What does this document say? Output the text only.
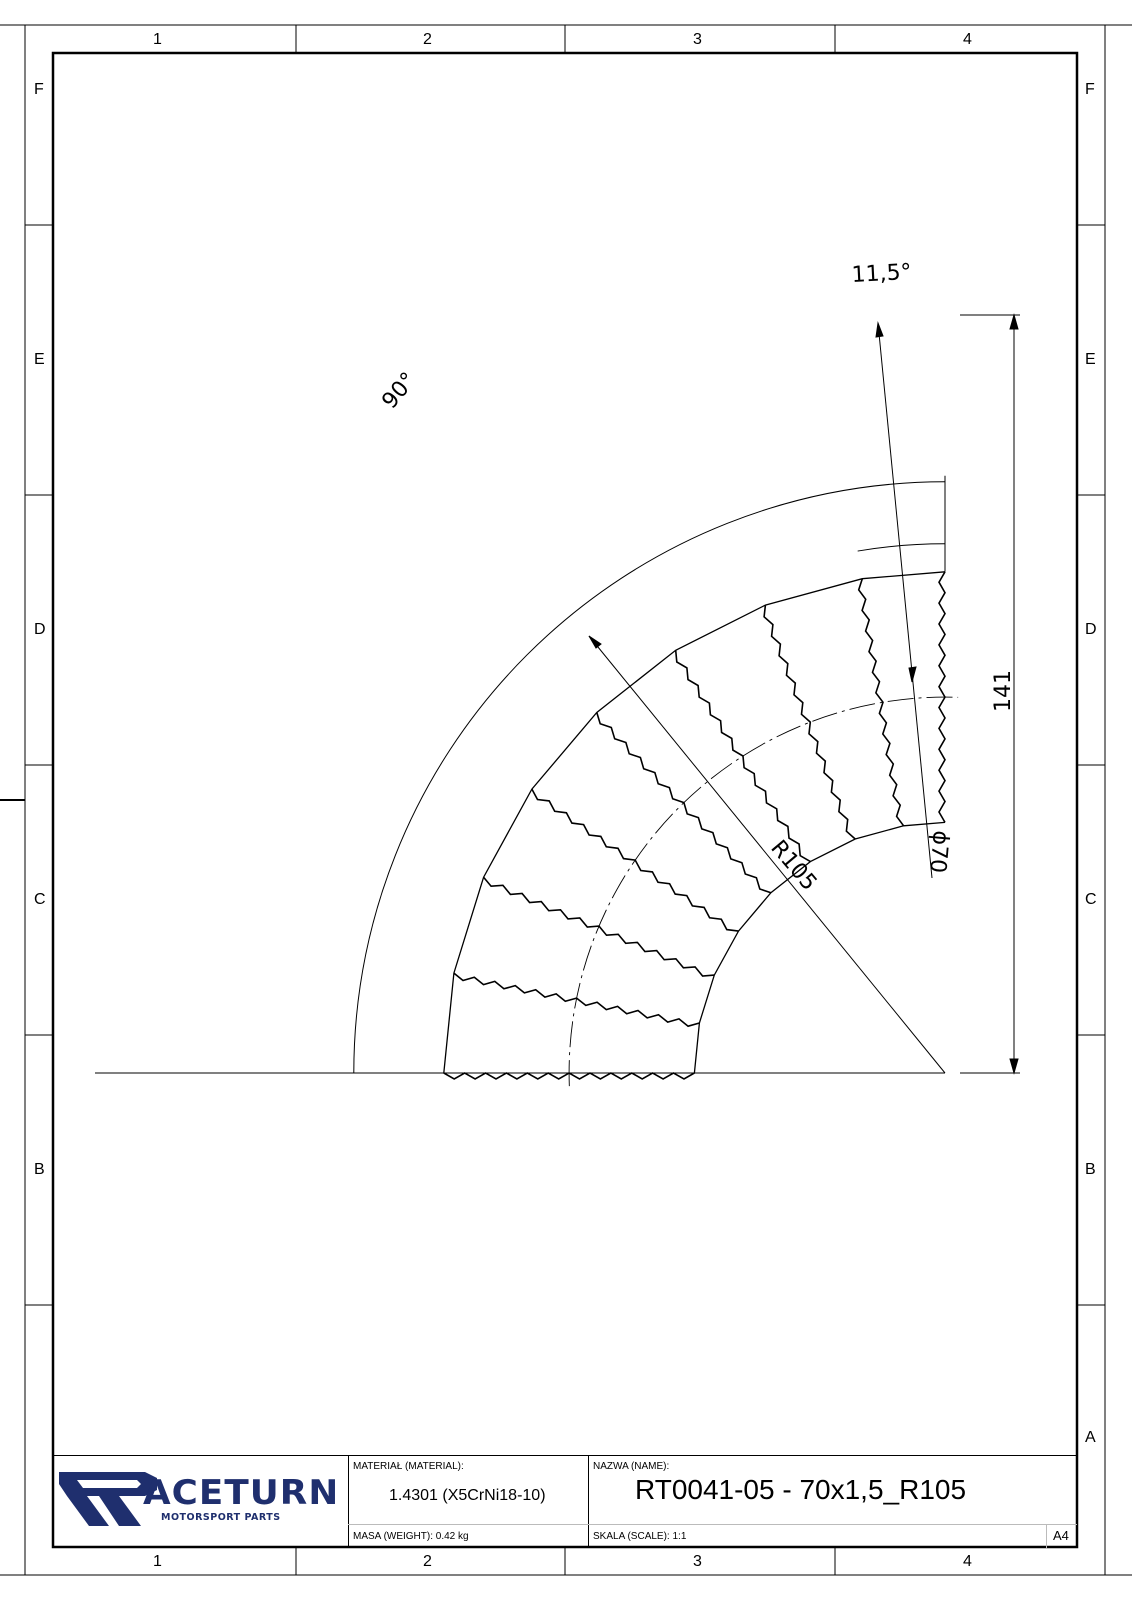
90°
11,5°
141
ϕ70
R105
1	2	3	4
1	2	3	4
F
E
D
C
B
F
E
D
C
B
A
ACETURN
MOTORSPORT PARTS
MATERIAŁ (MATERIAL):
1.4301 (X5CrNi18-10)
NAZWA (NAME):
RT0041-05 - 70x1,5_R105
MASA (WEIGHT): 0.42 kg	SKALA (SCALE): 1:1	A4
